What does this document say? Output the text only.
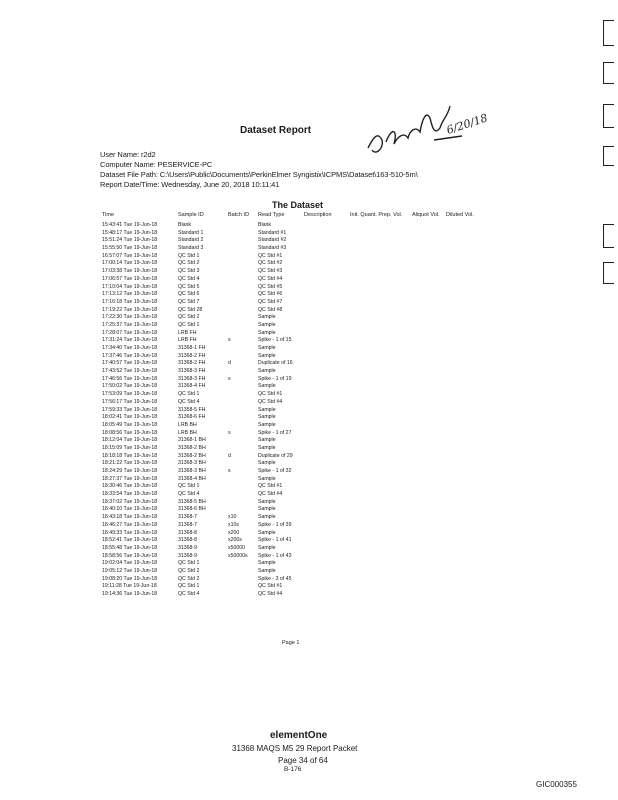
Dataset Report	6/20/18
User Name: r2d2
Computer Name: PESERVICE-PC
Dataset File Path: C:\Users\Public\Documents\PerkinElmer Syngistix\ICPMS\Dataset\163-510-5m\
Report Date/Time: Wednesday, June 20, 2018 10:11:41
The Dataset
Time	Sample ID	Batch ID Read Type	Description	Init. Quant. Prep. Vol. Aliquot Vol. Diluted Vol.
15:43:41 Tue 19-Jun-18	Blank	Blank
15:48:17 Tue 19-Jun-18	Standard 1	Standard #1
15:51:24 Tue 19-Jun-18	Standard 2	Standard #2
15:55:50 Tue 19-Jun-18	Standard 3	Standard #3
16:57:07 Tue 19-Jun-18	QC Std 1	QC Std #1
17:00:14 Tue 19-Jun-18	QC Std 2	QC Std #2
17:03:38 Tue 19-Jun-18	QC Std 3	QC Std #3
17:06:57 Tue 19-Jun-18	QC Std 4	QC Std #4
17:10:04 Tue 19-Jun-18	QC Std 5	QC Std #5
17:13:12 Tue 19-Jun-18	QC Std 6	QC Std #6
17:16:18 Tue 19-Jun-18	QC Std 7	QC Std #7
17:19:22 Tue 19-Jun-18	QC Std 28	QC Std #8
17:22:30 Tue 19-Jun-18	QC Std 2	Sample
17:25:37 Tue 19-Jun-18	QC Std 1	Sample
17:28:07 Tue 19-Jun-18	LRB FH	Sample
17:31:24 Tue 19-Jun-18	LRB FH	s	Spike - 1 of 15
17:34:40 Tue 19-Jun-18	31368-1 FH	Sample
17:37:46 Tue 19-Jun-18	31368-2 FH	Sample
17:40:57 Tue 19-Jun-18	31368-2 FH	d	Duplicate of 16
17:43:52 Tue 19-Jun-18	31368-3 FH	Sample
17:46:56 Tue 19-Jun-18	31368-3 FH	s	Spike - 1 of 19
17:50:02 Tue 19-Jun-18	31368-4 FH	Sample
17:53:09 Tue 19-Jun-18	QC Std 1	QC Std #1
17:56:17 Tue 19-Jun-18	QC Std 4	QC Std #4
17:59:33 Tue 19-Jun-18	31358-5 FH	Sample
18:02:41 Tue 19-Jun-18	31368-6 FH	Sample
18:05:49 Tue 19-Jun-18	LRB BH	Sample
18:08:56 Tue 19-Jun-18	LRB BH	s	Spike - 1 of 27
18:12:04 Tue 19-Jun-18	31368-1 BH	Sample
18:15:09 Tue 19-Jun-18	31368-2 BH	Sample
18:18:18 Tue 19-Jun-18	31368-2 BH	d	Duplicate of 29
18:21:22 Tue 19-Jun-18	31368-3 BH	Sample
18:24:29 Tue 19-Jun-18	31368-3 BH	s	Spike - 1 of 32
18:27:37 Tue 19-Jun-18	31368-4 BH	Sample
18:30:46 Tue 19-Jun-18	QC Std 1	QC Std #1
18:33:54 Tue 19-Jun-18	QC Std 4	QC Std #4
18:37:02 Tue 19-Jun-18	31368-5 BH	Sample
18:40:10 Tue 19-Jun-18	31368-6 BH	Sample
18:43:18 Tue 19-Jun-18	31368-7	x10	Sample
18:46:27 Tue 19-Jun-18	31368-7	x10s	Spike - 1 of 39
18:49:33 Tue 19-Jun-18	31368-8	x200	Sample
18:52:41 Tue 19-Jun-18	31368-8	x200s	Spike - 1 of 41
18:55:48 Tue 19-Jun-18	31368-9	x50000 Sample
18:58:56 Tue 19-Jun-18	31368-9	x50000s Spike - 1 of 43
19:02:04 Tue 19-Jun-18	QC Std 1	Sample
19:05:12 Tue 19-Jun-18	QC Std 2	Sample
19:08:20 Tue 19-Jun-18	QC Std 2	Spike - 3 of 45
19:11:28 Tue 19-Jun-18	QC Std 1	QC Std #1
19:14:36 Tue 19-Jun-18	QC Std 4	QC Std #4
Page 1
elementOne
31368 MAQS M5 29 Report Packet
Page 34 of 64
B-176
GIC000355
